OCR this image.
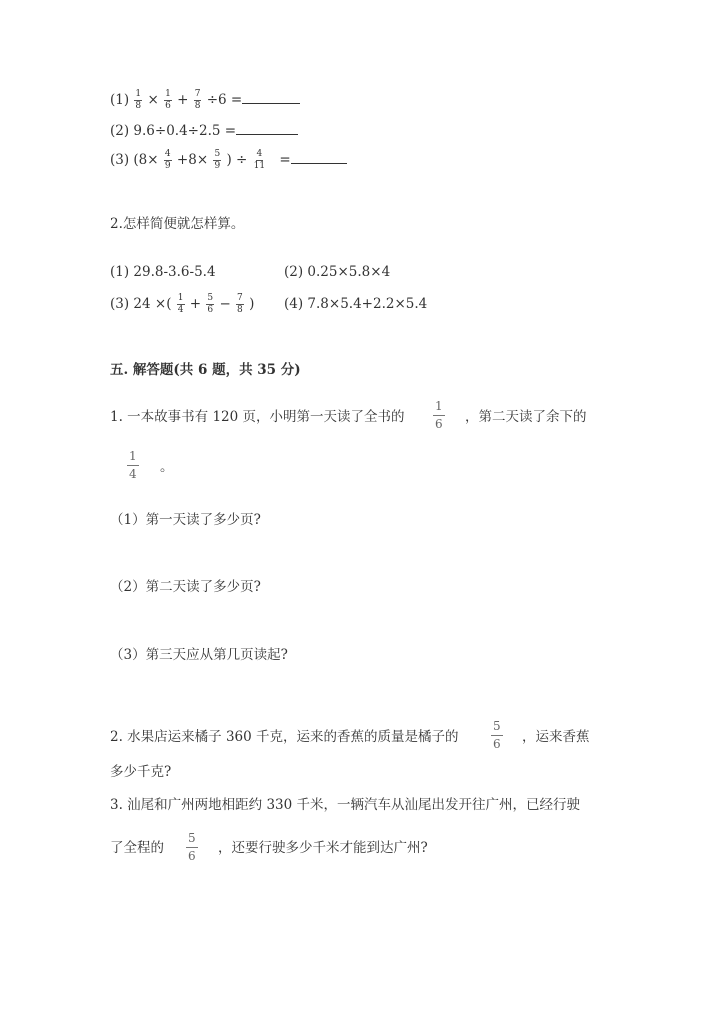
$(1) \frac{1}{8} \times \frac{1}{6} + \frac{7}{8} \div 6$ =
(2) 9.6÷0.4÷2.5 =
(3) ($8\times \frac{4}{9} +8\times \frac{5}{9}$ ) ÷ $\frac{4}{11}$ =
2.怎样简便就怎样算。
(1) 29.8-3.6-5.4	(2) 0.25×5.8×4
(3) 24 ×( $\frac{1}{4} + \frac{5}{6} - \frac{7}{8}$ ) (4) 7.8×5.4+2.2×5.4
五. 解答题(共 6 题，共 35 分)
1. 一本故事书有 120 页，小明第一天读了全书的 $\frac{1}{6}$ ，第二天读了余下的
$\frac{1}{4}$ 。
（1）第一天读了多少页?
（2）第二天读了多少页?
（3）第三天应从第几页读起?
2. 水果店运来橘子 360 千克，运来的香蕉的质量是橘子的	$\frac{5}{6}$ ，运来香蕉
多少千克?
3. 汕尾和广州两地相距约 330 千米，一辆汽车从汕尾出发开往广州，已经行驶
了全程的 $\frac{5}{6}$ ，还要行驶多少千米才能到达广州?
